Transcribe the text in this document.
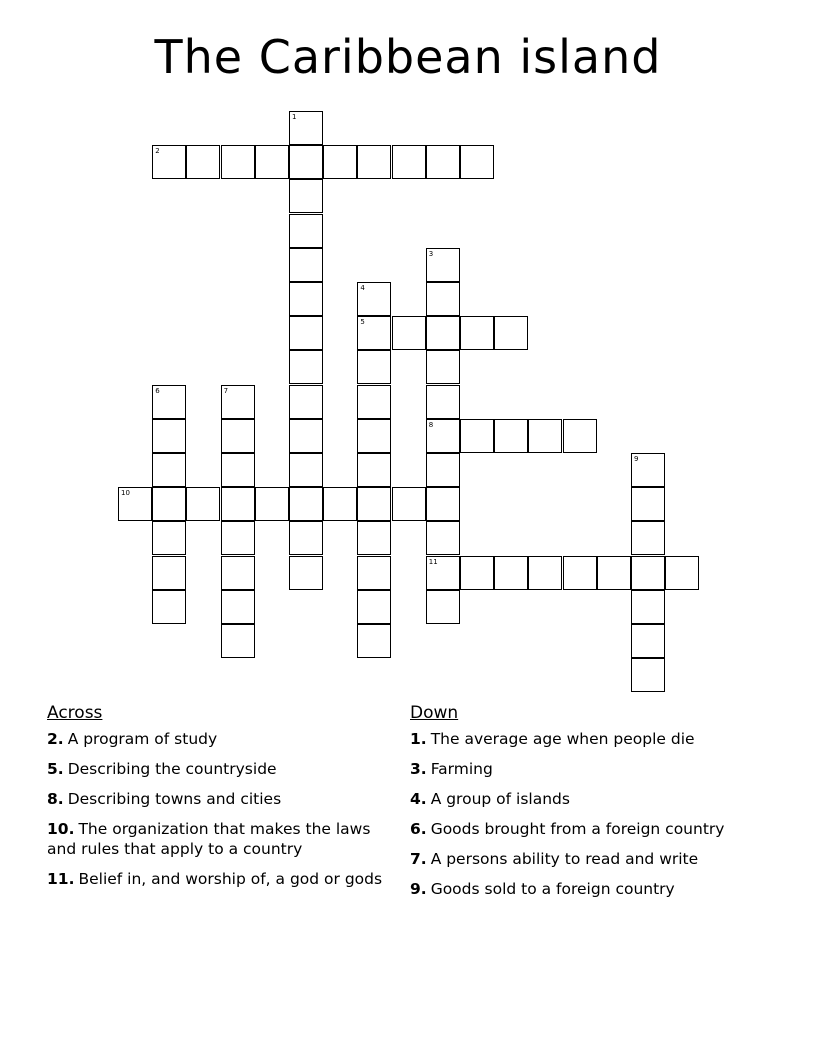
The Caribbean island
1
2
3
8
11
4
5
6	7
9
10
Across
2. A program of study
5. Describing the countryside
8. Describing towns and cities
10. The organization that makes the laws and rules that apply to a country
11. Belief in, and worship of, a god or gods
Down
1. The average age when people die
3. Farming
4. A group of islands
6. Goods brought from a foreign country
7. A persons ability to read and write
9. Goods sold to a foreign country
